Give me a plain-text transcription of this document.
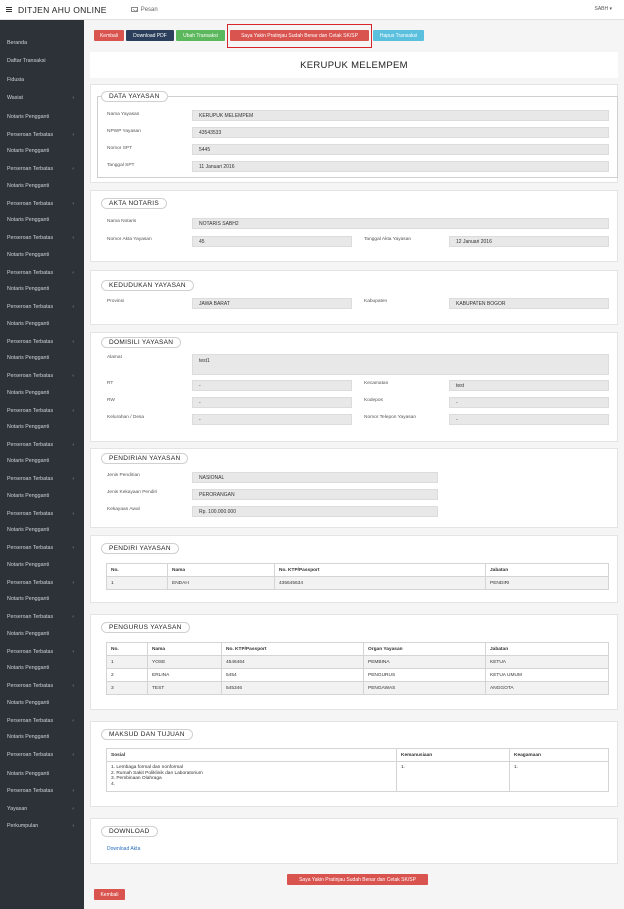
DITJEN AHU ONLINE	Pesan	SABH ▾
Beranda
Daftar Transaksi
Fidusia
Wasiat	‹
Notaris Pengganti
Perseroan Terbatas	‹
Notaris Pengganti
Perseroan Terbatas	‹
Notaris Pengganti
Perseroan Terbatas	‹
Notaris Pengganti
Perseroan Terbatas	‹
Notaris Pengganti
Perseroan Terbatas	‹
Notaris Pengganti
Perseroan Terbatas	‹
Notaris Pengganti
Perseroan Terbatas	‹
Notaris Pengganti
Perseroan Terbatas	‹
Notaris Pengganti
Perseroan Terbatas	‹
Notaris Pengganti
Perseroan Terbatas	‹
Notaris Pengganti
Perseroan Terbatas	‹
Notaris Pengganti
Perseroan Terbatas	‹
Notaris Pengganti
Perseroan Terbatas	‹
Notaris Pengganti
Perseroan Terbatas	‹
Notaris Pengganti
Perseroan Terbatas	‹
Notaris Pengganti
Perseroan Terbatas	‹
Notaris Pengganti
Perseroan Terbatas	‹
Notaris Pengganti
Perseroan Terbatas	‹
Notaris Pengganti
Perseroan Terbatas	‹
Notaris Pengganti
Perseroan Terbatas	‹
Yayasan	‹
Perkumpulan	‹
Kembali	Download PDF	Ubah Transaksi	Saya Yakin Pratinjau Sudah Benar dan Cetak SK/SP	Hapus Transaksi
KERUPUK MELEMPEM
DATA YAYASAN
Nama Yayasan	KERUPUK MELEMPEM
NPWP Yayasan	43543533
Nomor SPT	5445
Tanggal SPT	11 Januari 2016
AKTA NOTARIS
Nama Notaris	NOTARIS SABH2
Nomor Akta Yayasan	45	Tanggal Akta Yayasan	12 Januari 2016
KEDUDUKAN YAYASAN
Provinsi	JAWA BARAT	Kabupaten	KABUPATEN BOGOR
DOMISILI YAYASAN
Alamat
test1
RT	-	Kecamatan	test
RW	-	Kodepos	-
Kelurahan / Desa	-	Nomor Telepon Yayasan	-
PENDIRIAN YAYASAN
Jenis Pendirian	NASIONAL
Jenis Kekayaan Pendiri	PERORANGAN
Kekayaan Awal	Rp. 100.000.000
PENDIRI YAYASAN
No.	Nama	No. KTP/Passport	Jabatan
1	ENDAH	435645634	PENDIRI
PENGURUS YAYASAN
No.	Nama	No. KTP/Passport	Organ Yayasan	Jabatan
1	YOSE	4546464	PEMBINA	KETUA
2	ERLINA	5454	PENGURUS	KETUA UMUM
3	TEST	545346	PENGAWAS	ANGGOTA
MAKSUD DAN TUJUAN
Sosial	Kemanusiaan	Keagamaan

1. Lembaga formal dan nonformal
2. Rumah Sakit Poliklinik dan Laboratorium
3. Pembinaan Olahraga
4.	1.	1.
DOWNLOAD
Download Akta
Saya Yakin Pratinjau Sudah Benar dan Cetak SK/SP
Kembali
